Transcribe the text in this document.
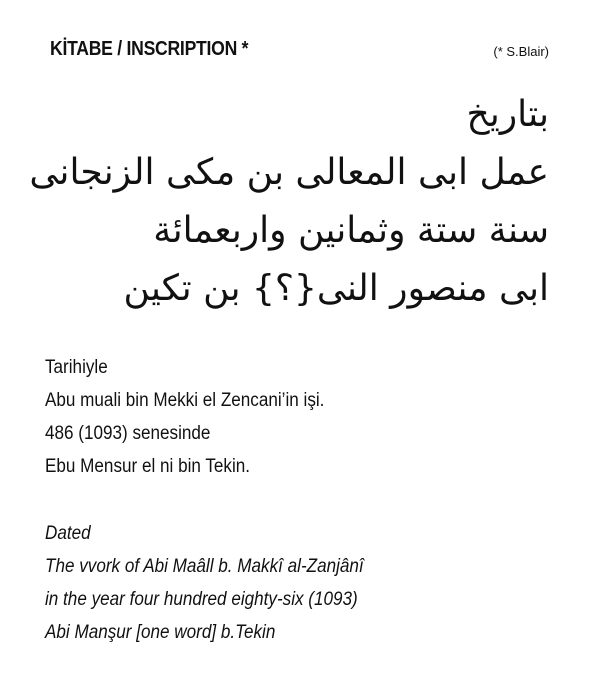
KİTABE / INSCRIPTION *	(* S.Blair)
بتاريخ
عمل ابى المعالى بن مكى الزنجانى
سنة ستة وثمانين واربعمائة
ابى منصور النى{؟} بن تكين
Tarihiyle
Abu muali bin Mekki el Zencani’in işi.
486 (1093) senesinde
Ebu Mensur el ni bin Tekin.
Dated
The vvork of Abi Maâll b. Makkî al-Zanjânî
in the year four hundred eighty-six (1093)
Abi Manşur [one word] b.Tekin
